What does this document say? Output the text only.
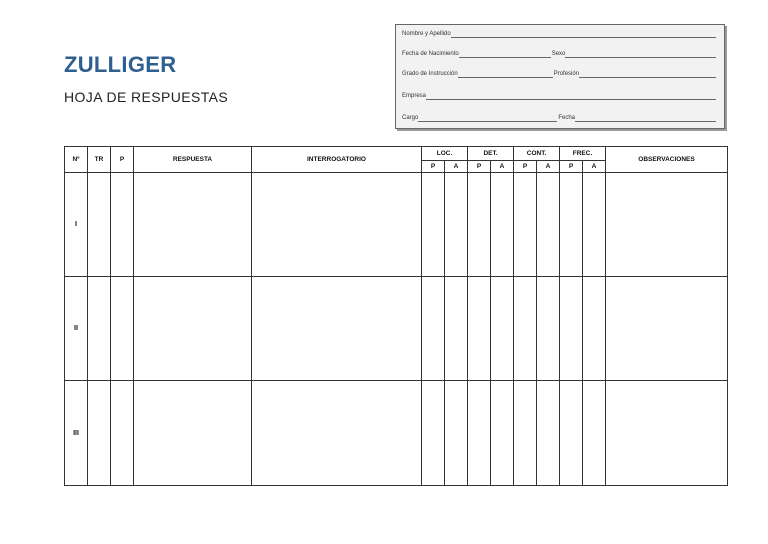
ZULLIGER
HOJA DE RESPUESTAS
Nombre y Apellido
Fecha de Nacimiento	Sexo
Grado de Instrucción	Profesión
Empresa
Cargo	Fecha
Nº	TR	P	RESPUESTA	INTERROGATORIO	LOC.		DET.		CONT.		FREC.		OBSERVACIONES
					P	A	P	A	P	A	P	A	
I													
II													
III													
